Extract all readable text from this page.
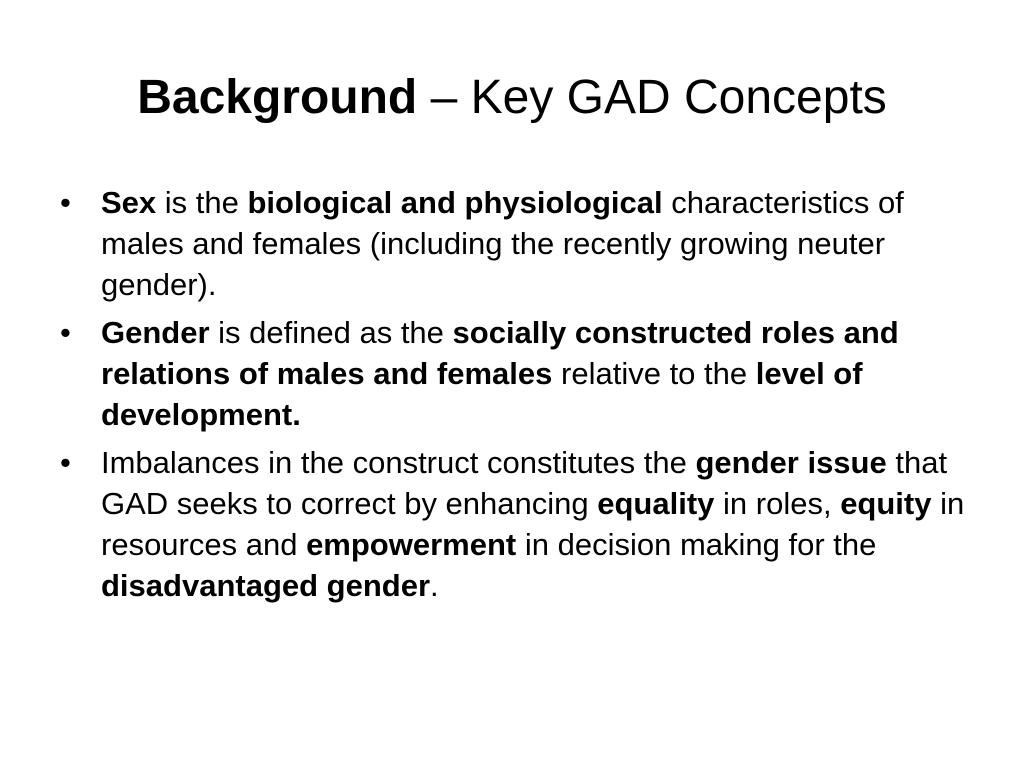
Background – Key GAD Concepts
• Sex is the biological and physiological characteristics of males and females (including the recently growing neuter gender).
• Gender is defined as the socially constructed roles and relations of males and females relative to the level of development.
• Imbalances in the construct constitutes the gender issue that GAD seeks to correct by enhancing equality in roles, equity in resources and empowerment in decision making for the disadvantaged gender.
